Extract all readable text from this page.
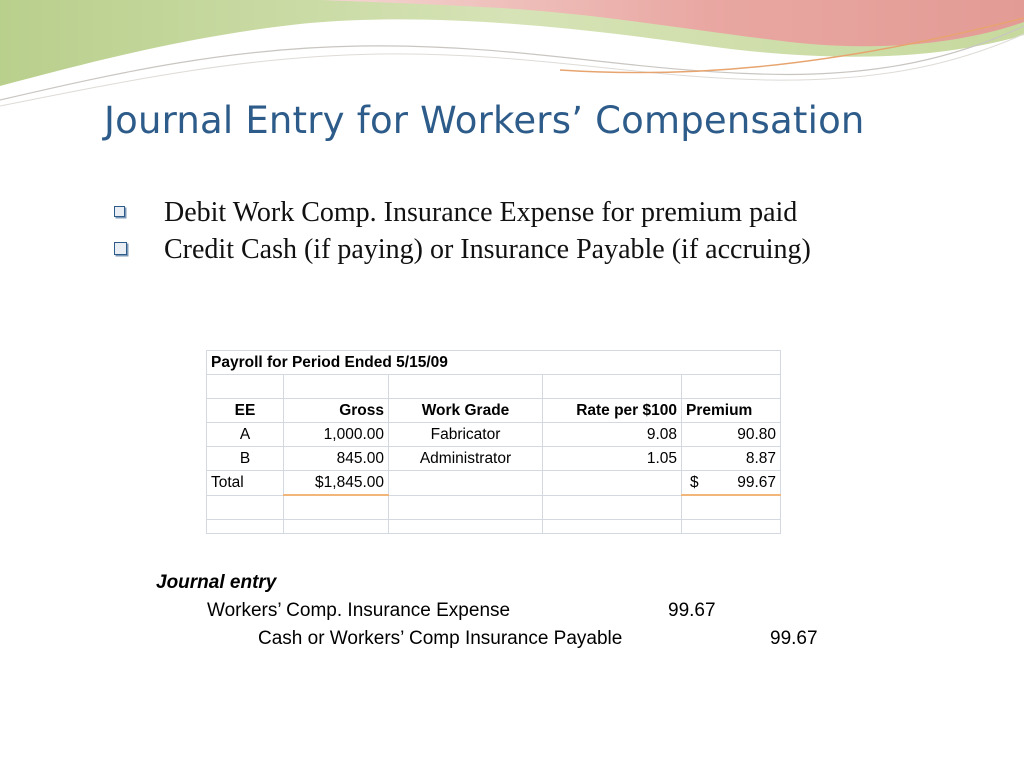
Journal Entry for Workers’ Compensation
Debit Work Comp. Insurance Expense for premium paid
Credit Cash (if paying) or Insurance Payable (if accruing)
Payroll for Period Ended 5/15/09				

EE	Gross	Work Grade	Rate per $100	Premium
A	1,000.00	Fabricator	9.08	90.80
B	845.00	Administrator	1.05	8.87
Total	$1,845.00			$ 99.67

Journal entry
Workers’ Comp. Insurance Expense	99.67
Cash or Workers’ Comp Insurance Payable	99.67
